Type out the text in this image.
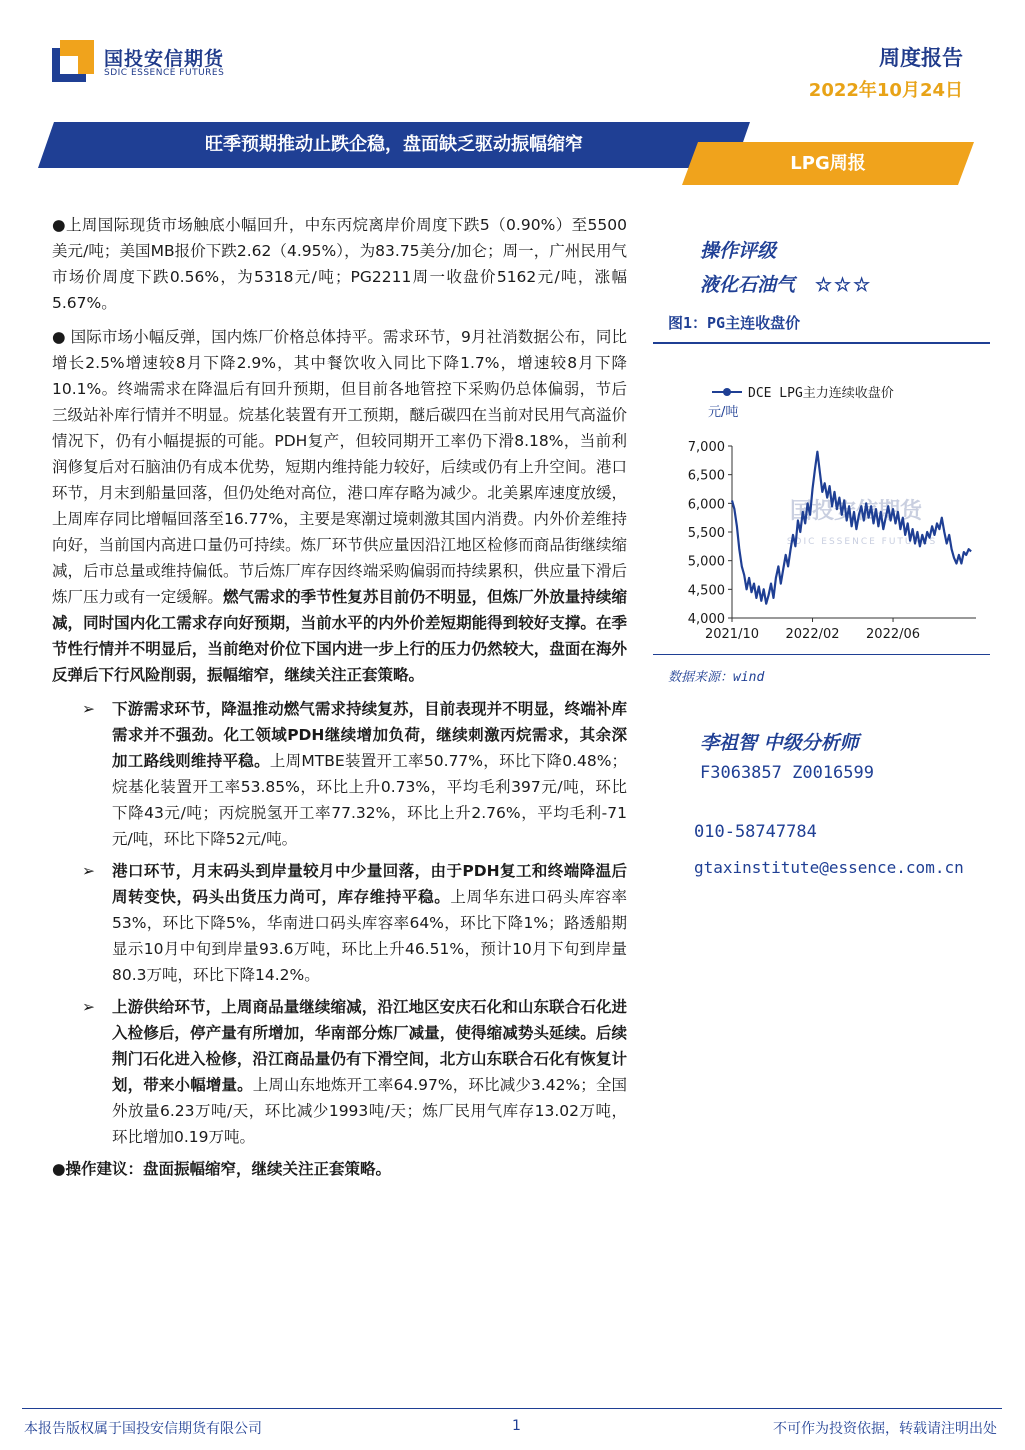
国投安信期货
SDIC ESSENCE FUTURES
周度报告
2022年10月24日
旺季预期推动止跌企稳，盘面缺乏驱动振幅缩窄
LPG周报

●上周国际现货市场触底小幅回升，中东丙烷离岸价周度下跌5（0.90%）至5500美元/吨；美国MB报价下跌2.62（4.95%），为83.75美分/加仑；周一，广州民用气市场价周度下跌0.56%，为5318元/吨；PG2211周一收盘价5162元/吨，涨幅5.67%。

● 国际市场小幅反弹，国内炼厂价格总体持平。需求环节，9月社消数据公布，同比增长2.5%增速较8月下降2.9%，其中餐饮收入同比下降1.7%，增速较8月下降10.1%。终端需求在降温后有回升预期，但目前各地管控下采购仍总体偏弱，节后三级站补库行情并不明显。烷基化装置有开工预期，醚后碳四在当前对民用气高溢价情况下，仍有小幅提振的可能。PDH复产，但较同期开工率仍下滑8.18%，当前利润修复后对石脑油仍有成本优势，短期内维持能力较好，后续或仍有上升空间。港口环节，月末到船量回落，但仍处绝对高位，港口库存略为减少。北美累库速度放缓，上周库存同比增幅回落至16.77%，主要是寒潮过境刺激其国内消费。内外价差维持向好，当前国内高进口量仍可持续。炼厂环节供应量因沿江地区检修而商品街继续缩减，后市总量或维持偏低。节后炼厂库存因终端采购偏弱而持续累积，供应量下滑后炼厂压力或有一定缓解。燃气需求的季节性复苏目前仍不明显，但炼厂外放量持续缩减，同时国内化工需求存向好预期，当前水平的内外价差短期能得到较好支撑。在季节性行情并不明显后，当前绝对价位下国内进一步上行的压力仍然较大，盘面在海外反弹后下行风险削弱，振幅缩窄，继续关注正套策略。

➢ 下游需求环节，降温推动燃气需求持续复苏，目前表现并不明显，终端补库需求并不强劲。化工领域PDH继续增加负荷，继续刺激丙烷需求，其余深加工路线则维持平稳。上周MTBE装置开工率50.77%，环比下降0.48%；烷基化装置开工率53.85%，环比上升0.73%，平均毛利397元/吨，环比下降43元/吨；丙烷脱氢开工率77.32%，环比上升2.76%，平均毛利-71元/吨，环比下降52元/吨。

➢ 港口环节，月末码头到岸量较月中少量回落，由于PDH复工和终端降温后周转变快，码头出货压力尚可，库存维持平稳。上周华东进口码头库容率53%，环比下降5%，华南进口码头库容率64%，环比下降1%；路透船期显示10月中旬到岸量93.6万吨，环比上升46.51%，预计10月下旬到岸量80.3万吨，环比下降14.2%。

➢ 上游供给环节，上周商品量继续缩减，沿江地区安庆石化和山东联合石化进入检修后，停产量有所增加，华南部分炼厂减量，使得缩减势头延续。后续荆门石化进入检修，沿江商品量仍有下滑空间，北方山东联合石化有恢复计划，带来小幅增量。上周山东地炼开工率64.97%，环比减少3.42%；全国外放量6.23万吨/天，环比减少1993吨/天；炼厂民用气库存13.02万吨，环比增加0.19万吨。

●操作建议：盘面振幅缩窄，继续关注正套策略。

操作评级
液化石油气 ☆☆☆
图1：PG主连收盘价
国投安信期货
SDIC ESSENCE FUTURES
DCE LPG主力连续收盘价
元/吨
7,000
6,500
6,000
5,500
5,000
4,500
4,000
2021/10 2022/02 2022/06
数据来源：wind
李祖智 中级分析师
F3063857 Z0016599
010-58747784
gtaxinstitute@essence.com.cn
本报告版权属于国投安信期货有限公司	1	不可作为投资依据，转载请注明出处
